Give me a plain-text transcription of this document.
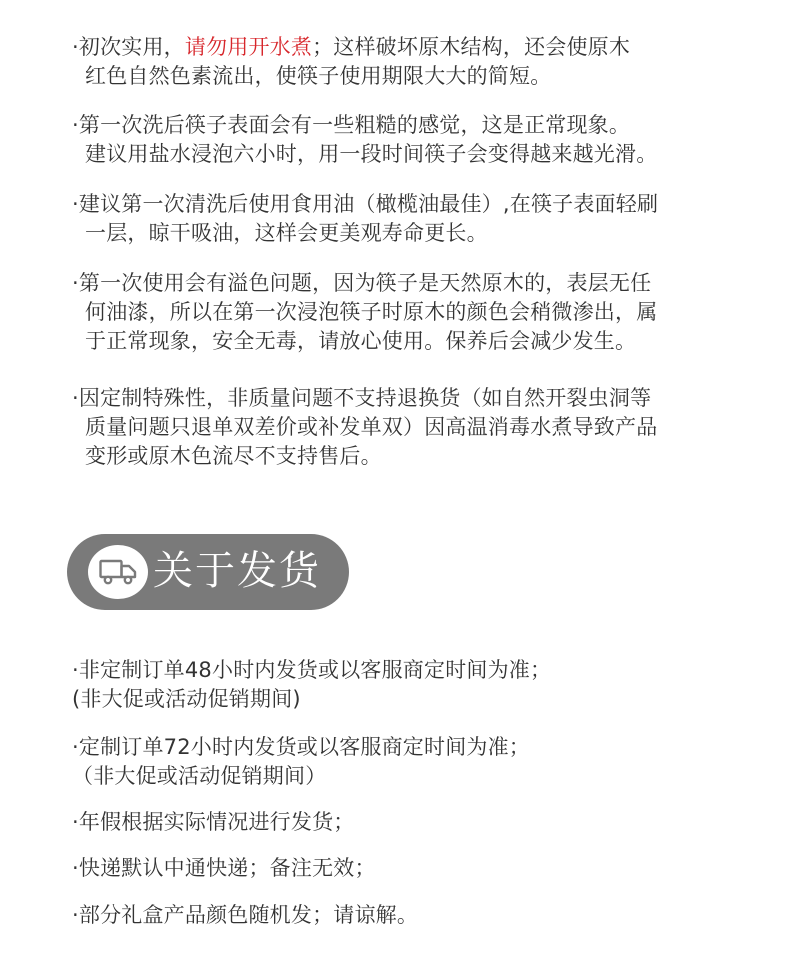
·初次实用，请勿用开水煮；这样破坏原木结构，还会使原木
红色自然色素流出，使筷子使用期限大大的简短。
·第一次洗后筷子表面会有一些粗糙的感觉，这是正常现象。
建议用盐水浸泡六小时，用一段时间筷子会变得越来越光滑。
·建议第一次清洗后使用食用油（橄榄油最佳）,在筷子表面轻刷
一层，晾干吸油，这样会更美观寿命更长。
·第一次使用会有溢色问题，因为筷子是天然原木的，表层无任
何油漆，所以在第一次浸泡筷子时原木的颜色会稍微渗出，属
于正常现象，安全无毒，请放心使用。保养后会减少发生。
·因定制特殊性，非质量问题不支持退换货（如自然开裂虫洞等
质量问题只退单双差价或补发单双）因高温消毒水煮导致产品
变形或原木色流尽不支持售后。
关于发货
·非定制订单48小时内发货或以客服商定时间为准；
(非大促或活动促销期间)
·定制订单72小时内发货或以客服商定时间为准；
（非大促或活动促销期间）
·年假根据实际情况进行发货；
·快递默认中通快递；备注无效；
·部分礼盒产品颜色随机发；请谅解。
